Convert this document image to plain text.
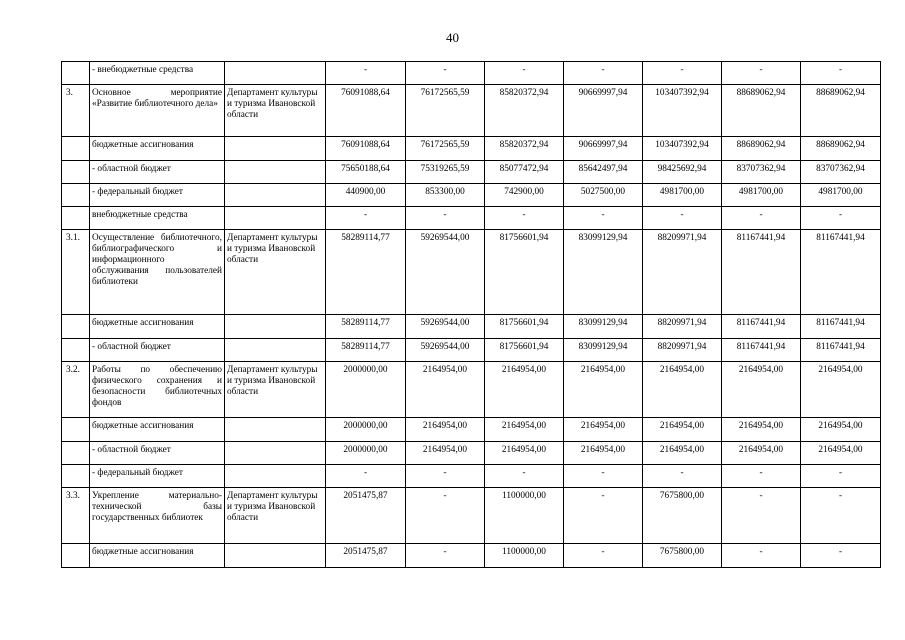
40
	- внебюджетные средства		-	-	-	-	-	-	-
3.	Основное мероприятие «Развитие библиотечного дела»	Департамент культуры и туризма Ивановской области	76091088,64	76172565,59	85820372,94	90669997,94	103407392,94	88689062,94	88689062,94
	бюджетные ассигнования		76091088,64	76172565,59	85820372,94	90669997,94	103407392,94	88689062,94	88689062,94
	- областной бюджет		75650188,64	75319265,59	85077472,94	85642497,94	98425692,94	83707362,94	83707362,94
	- федеральный бюджет		440900,00	853300,00	742900,00	5027500,00	4981700,00	4981700,00	4981700,00
	внебюджетные средства		-	-	-	-	-	-	-
3.1.	Осуществление библиотечного, библиографического и информационного обслуживания пользователей библиотеки	Департамент культуры и туризма Ивановской области	58289114,77	59269544,00	81756601,94	83099129,94	88209971,94	81167441,94	81167441,94
	бюджетные ассигнования		58289114,77	59269544,00	81756601,94	83099129,94	88209971,94	81167441,94	81167441,94
	- областной бюджет		58289114,77	59269544,00	81756601,94	83099129,94	88209971,94	81167441,94	81167441,94
3.2.	Работы по обеспечению физического сохранения и безопасности библиотечных фондов	Департамент культуры и туризма Ивановской области	2000000,00	2164954,00	2164954,00	2164954,00	2164954,00	2164954,00	2164954,00
	бюджетные ассигнования		2000000,00	2164954,00	2164954,00	2164954,00	2164954,00	2164954,00	2164954,00
	- областной бюджет		2000000,00	2164954,00	2164954,00	2164954,00	2164954,00	2164954,00	2164954,00
	- федеральный бюджет		-	-	-	-	-	-	-
3.3.	Укрепление материально-технической базы государственных библиотек	Департамент культуры и туризма Ивановской области	2051475,87	-	1100000,00	-	7675800,00	-	-
	бюджетные ассигнования		2051475,87	-	1100000,00	-	7675800,00	-	-
